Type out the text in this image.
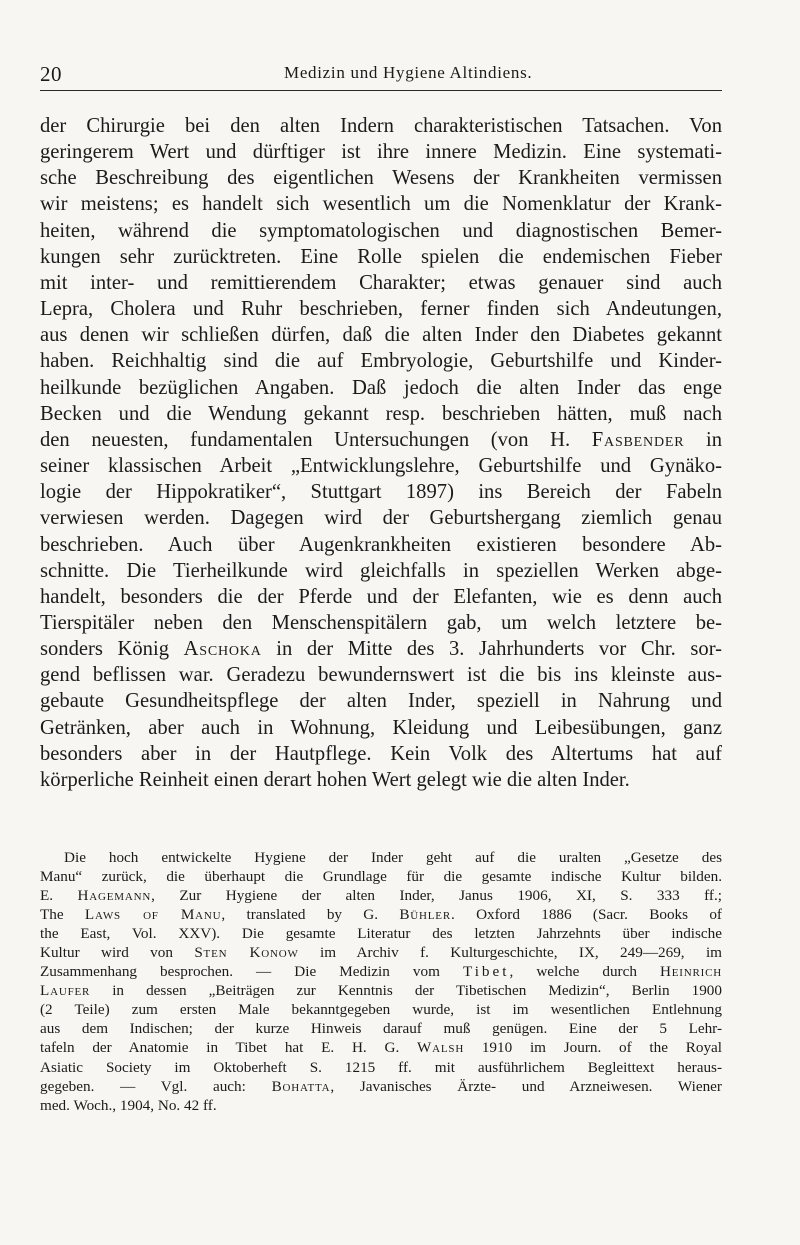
20	Medizin und Hygiene Altindiens.
der Chirurgie bei den alten Indern charakteristischen Tatsachen. Von
geringerem Wert und dürftiger ist ihre innere Medizin. Eine systemati-
sche Beschreibung des eigentlichen Wesens der Krankheiten vermissen
wir meistens; es handelt sich wesentlich um die Nomenklatur der Krank-
heiten, während die symptomatologischen und diagnostischen Bemer-
kungen sehr zurücktreten. Eine Rolle spielen die endemischen Fieber
mit inter- und remittierendem Charakter; etwas genauer sind auch
Lepra, Cholera und Ruhr beschrieben, ferner finden sich Andeutungen,
aus denen wir schließen dürfen, daß die alten Inder den Diabetes gekannt
haben. Reichhaltig sind die auf Embryologie, Geburtshilfe und Kinder-
heilkunde bezüglichen Angaben. Daß jedoch die alten Inder das enge
Becken und die Wendung gekannt resp. beschrieben hätten, muß nach
den neuesten, fundamentalen Untersuchungen (von H. Fasbender in
seiner klassischen Arbeit „Entwicklungslehre, Geburtshilfe und Gynäko-
logie der Hippokratiker“, Stuttgart 1897) ins Bereich der Fabeln
verwiesen werden. Dagegen wird der Geburtshergang ziemlich genau
beschrieben. Auch über Augenkrankheiten existieren besondere Ab-
schnitte. Die Tierheilkunde wird gleichfalls in speziellen Werken abge-
handelt, besonders die der Pferde und der Elefanten, wie es denn auch
Tierspitäler neben den Menschenspitälern gab, um welch letztere be-
sonders König Aschoka in der Mitte des 3. Jahrhunderts vor Chr. sor-
gend beflissen war. Geradezu bewundernswert ist die bis ins kleinste aus-
gebaute Gesundheitspflege der alten Inder, speziell in Nahrung und
Getränken, aber auch in Wohnung, Kleidung und Leibesübungen, ganz
besonders aber in der Hautpflege. Kein Volk des Altertums hat auf
körperliche Reinheit einen derart hohen Wert gelegt wie die alten Inder.
Die hoch entwickelte Hygiene der Inder geht auf die uralten „Gesetze des
Manu“ zurück, die überhaupt die Grundlage für die gesamte indische Kultur bilden.
E. Hagemann, Zur Hygiene der alten Inder, Janus 1906, XI, S. 333 ff.;
The Laws of Manu, translated by G. Bühler. Oxford 1886 (Sacr. Books of
the East, Vol. XXV). Die gesamte Literatur des letzten Jahrzehnts über indische
Kultur wird von Sten Konow im Archiv f. Kulturgeschichte, IX, 249—269, im
Zusammenhang besprochen. — Die Medizin vom Tibet, welche durch Heinrich
Laufer in dessen „Beiträgen zur Kenntnis der Tibetischen Medizin“, Berlin 1900
(2 Teile) zum ersten Male bekanntgegeben wurde, ist im wesentlichen Entlehnung
aus dem Indischen; der kurze Hinweis darauf muß genügen. Eine der 5 Lehr-
tafeln der Anatomie in Tibet hat E. H. G. Walsh 1910 im Journ. of the Royal
Asiatic Society im Oktoberheft S. 1215 ff. mit ausführlichem Begleittext heraus-
gegeben. — Vgl. auch: Bohatta, Javanisches Ärzte- und Arzneiwesen. Wiener
med. Woch., 1904, No. 42 ff.
